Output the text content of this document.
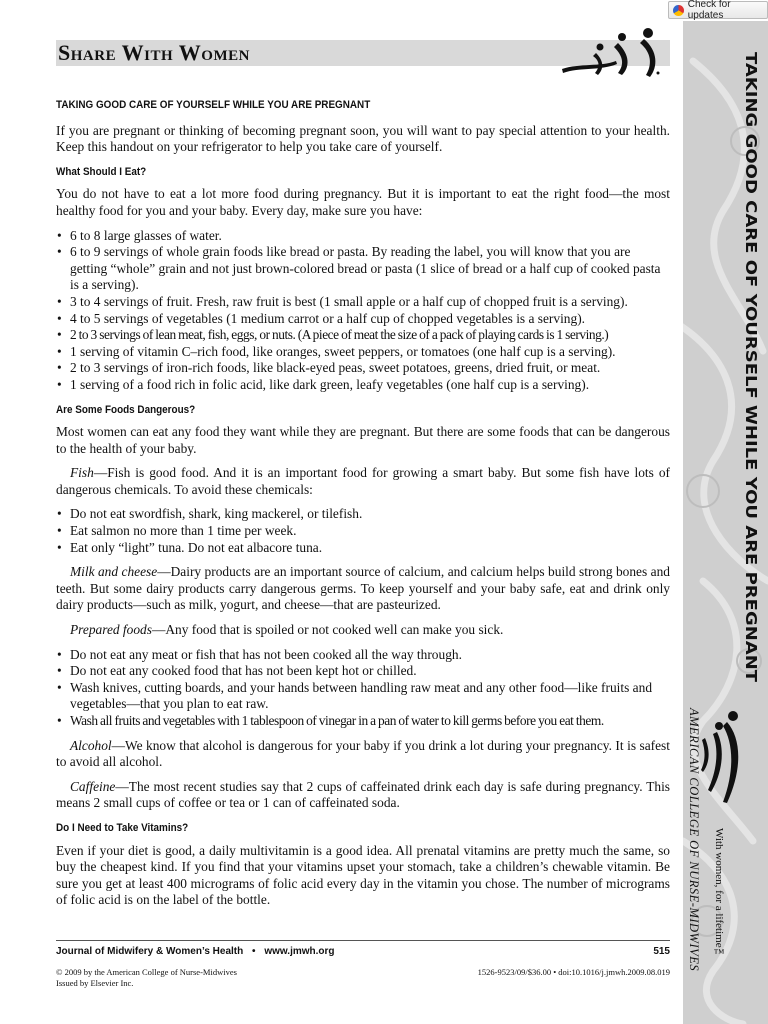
Check for updates
TAKING GOOD CARE OF YOURSELF WHILE YOU ARE PREGNANT
AMERICAN COLLEGE OF NURSE-MIDWIVES With women, for a lifetime™
Share With Women
TAKING GOOD CARE OF YOURSELF WHILE YOU ARE PREGNANT

If you are pregnant or thinking of becoming pregnant soon, you will want to pay special attention to your health. Keep this handout on your refrigerator to help you take care of yourself.

What Should I Eat?

You do not have to eat a lot more food during pregnancy. But it is important to eat the right food—the most healthy food for you and your baby. Every day, make sure you have:

• 6 to 8 large glasses of water.
• 6 to 9 servings of whole grain foods like bread or pasta. By reading the label, you will know that you are getting “whole” grain and not just brown-colored bread or pasta (1 slice of bread or a half cup of cooked pasta is a serving).
• 3 to 4 servings of fruit. Fresh, raw fruit is best (1 small apple or a half cup of chopped fruit is a serving).
• 4 to 5 servings of vegetables (1 medium carrot or a half cup of chopped vegetables is a serving).
• 2 to 3 servings of lean meat, fish, eggs, or nuts. (A piece of meat the size of a pack of playing cards is 1 serving.)
• 1 serving of vitamin C–rich food, like oranges, sweet peppers, or tomatoes (one half cup is a serving).
• 2 to 3 servings of iron-rich foods, like black-eyed peas, sweet potatoes, greens, dried fruit, or meat.
• 1 serving of a food rich in folic acid, like dark green, leafy vegetables (one half cup is a serving).
Are Some Foods Dangerous?

Most women can eat any food they want while they are pregnant. But there are some foods that can be dangerous to the health of your baby.

Fish—Fish is good food. And it is an important food for growing a smart baby. But some fish have lots of dangerous chemicals. To avoid these chemicals:

• Do not eat swordfish, shark, king mackerel, or tilefish.
• Eat salmon no more than 1 time per week.
• Eat only “light” tuna. Do not eat albacore tuna.

Milk and cheese—Dairy products are an important source of calcium, and calcium helps build strong bones and teeth. But some dairy products carry dangerous germs. To keep yourself and your baby safe, eat and drink only dairy products—such as milk, yogurt, and cheese—that are pasteurized.

Prepared foods—Any food that is spoiled or not cooked well can make you sick.

• Do not eat any meat or fish that has not been cooked all the way through.
• Do not eat any cooked food that has not been kept hot or chilled.
• Wash knives, cutting boards, and your hands between handling raw meat and any other food—like fruits and vegetables—that you plan to eat raw.
• Wash all fruits and vegetables with 1 tablespoon of vinegar in a pan of water to kill germs before you eat them.

Alcohol—We know that alcohol is dangerous for your baby if you drink a lot during your pregnancy. It is safest to avoid all alcohol.

Caffeine—The most recent studies say that 2 cups of caffeinated drink each day is safe during pregnancy. This means 2 small cups of coffee or tea or 1 can of caffeinated soda.

Do I Need to Take Vitamins?

Even if your diet is good, a daily multivitamin is a good idea. All prenatal vitamins are pretty much the same, so buy the cheapest kind. If you find that your vitamins upset your stomach, take a children’s chewable vitamin. Be sure you get at least 400 micrograms of folic acid every day in the vitamin you chose. The number of micrograms of folic acid is on the label of the bottle.

Journal of Midwifery & Women’s Health • www.jmwh.org	515
© 2009 by the American College of Nurse-Midwives
Issued by Elsevier Inc.
1526-9523/09/$36.00 • doi:10.1016/j.jmwh.2009.08.019
